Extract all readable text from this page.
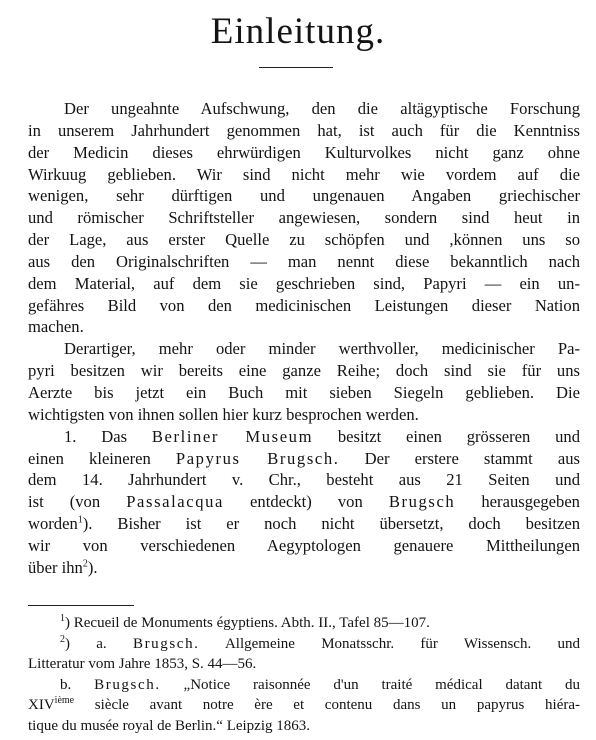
Einleitung.

Der ungeahnte Aufschwung, den die altägyptische Forschung
in unserem Jahrhundert genommen hat, ist auch für die Kenntniss
der Medicin dieses ehrwürdigen Kulturvolkes nicht ganz ohne
Wirkuug geblieben. Wir sind nicht mehr wie vordem auf die
wenigen, sehr dürftigen und ungenauen Angaben griechischer
und römischer Schriftsteller angewiesen, sondern sind heut in
der Lage, aus erster Quelle zu schöpfen und ,können uns so
aus den Originalschriften — man nennt diese bekanntlich nach
dem Material, auf dem sie geschrieben sind, Papyri — ein un-
gefähres Bild von den medicinischen Leistungen dieser Nation
machen.

Derartiger, mehr oder minder werthvoller, medicinischer Pa-
pyri besitzen wir bereits eine ganze Reihe; doch sind sie für uns
Aerzte bis jetzt ein Buch mit sieben Siegeln geblieben. Die
wichtigsten von ihnen sollen hier kurz besprochen werden.

1. Das Berliner Museum besitzt einen grösseren und
einen kleineren Papyrus Brugsch. Der erstere stammt aus
dem 14. Jahrhundert v. Chr., besteht aus 21 Seiten und
ist (von Passalacqua entdeckt) von Brugsch herausgegeben
worden$^1$). Bisher ist er noch nicht übersetzt, doch besitzen
wir von verschiedenen Aegyptologen genauere Mittheilungen
über ihn$^2$).

$^1$) Recueil de Monuments égyptiens. Abth. II., Tafel 85—107.

$^2$) a. Brugsch. Allgemeine Monatsschr. für Wissensch. und
Litteratur vom Jahre 1853, S. 44—56.

b. Brugsch. „Notice raisonnée d'un traité médical datant du
XIVième siècle avant notre ère et contenu dans un papyrus hiéra-
tique du musée royal de Berlin.“ Leipzig 1863.
